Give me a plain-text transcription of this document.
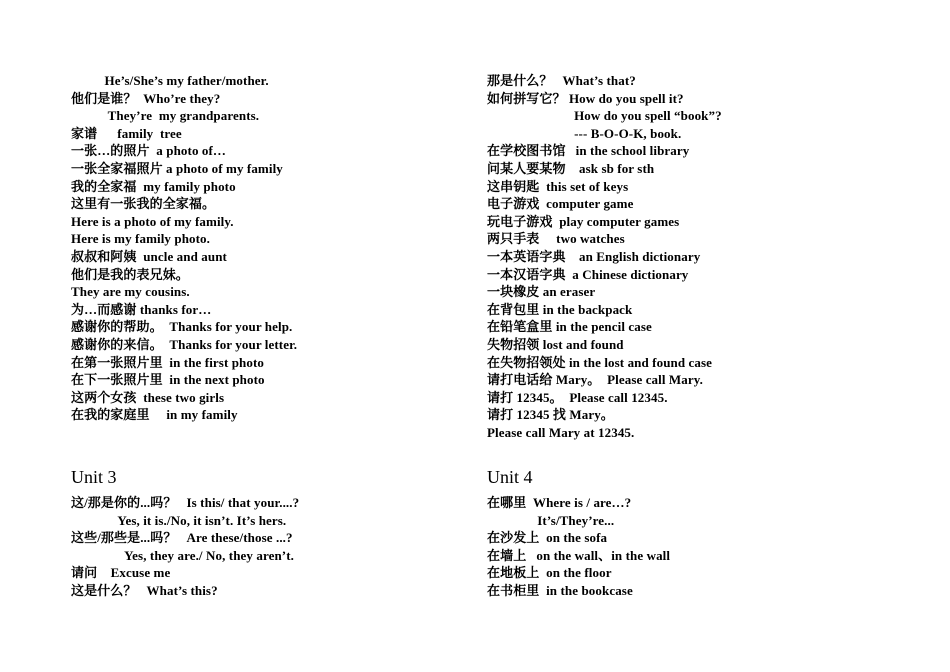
He’s/She’s my father/mother.
他们是谁？  Who’re they?
They’re  my grandparents.
家谱      family  tree
一张…的照片  a photo of…
一张全家福照片 a photo of my family
我的全家福  my family photo
这里有一张我的全家福。
Here is a photo of my family.
Here is my family photo.
叔叔和阿姨  uncle and aunt
他们是我的表兄妹。
They are my cousins.
为…而感谢 thanks for…
感谢你的帮助。  Thanks for your help.
感谢你的来信。  Thanks for your letter.
在第一张照片里  in the first photo
在下一张照片里  in the next photo
这两个女孩  these two girls
在我的家庭里     in my family
那是什么？   What’s that?
如何拼写它？ How do you spell it?
How do you spell “book”?
--- B-O-O-K, book.
在学校图书馆   in the school library
问某人要某物    ask sb for sth
这串钥匙  this set of keys
电子游戏  computer game
玩电子游戏  play computer games
两只手表     two watches
一本英语字典    an English dictionary
一本汉语字典  a Chinese dictionary
一块橡皮 an eraser
在背包里 in the backpack
在铅笔盒里 in the pencil case
失物招领 lost and found
在失物招领处 in the lost and found case
请打电话给 Mary。  Please call Mary.
请打 12345。  Please call 12345.
请打 12345 找 Mary。
Please call Mary at 12345.
Unit 3	Unit 4
这/那是你的...吗？   Is this/ that your....?
Yes, it is./No, it isn’t. It’s hers.
这些/那些是...吗？   Are these/those ...?
Yes, they are./ No, they aren’t.
请问    Excuse me
这是什么？   What’s this?
在哪里  Where is / are…?
It’s/They’re...
在沙发上  on the sofa
在墙上   on the wall、in the wall
在地板上  on the floor
在书柜里  in the bookcase
